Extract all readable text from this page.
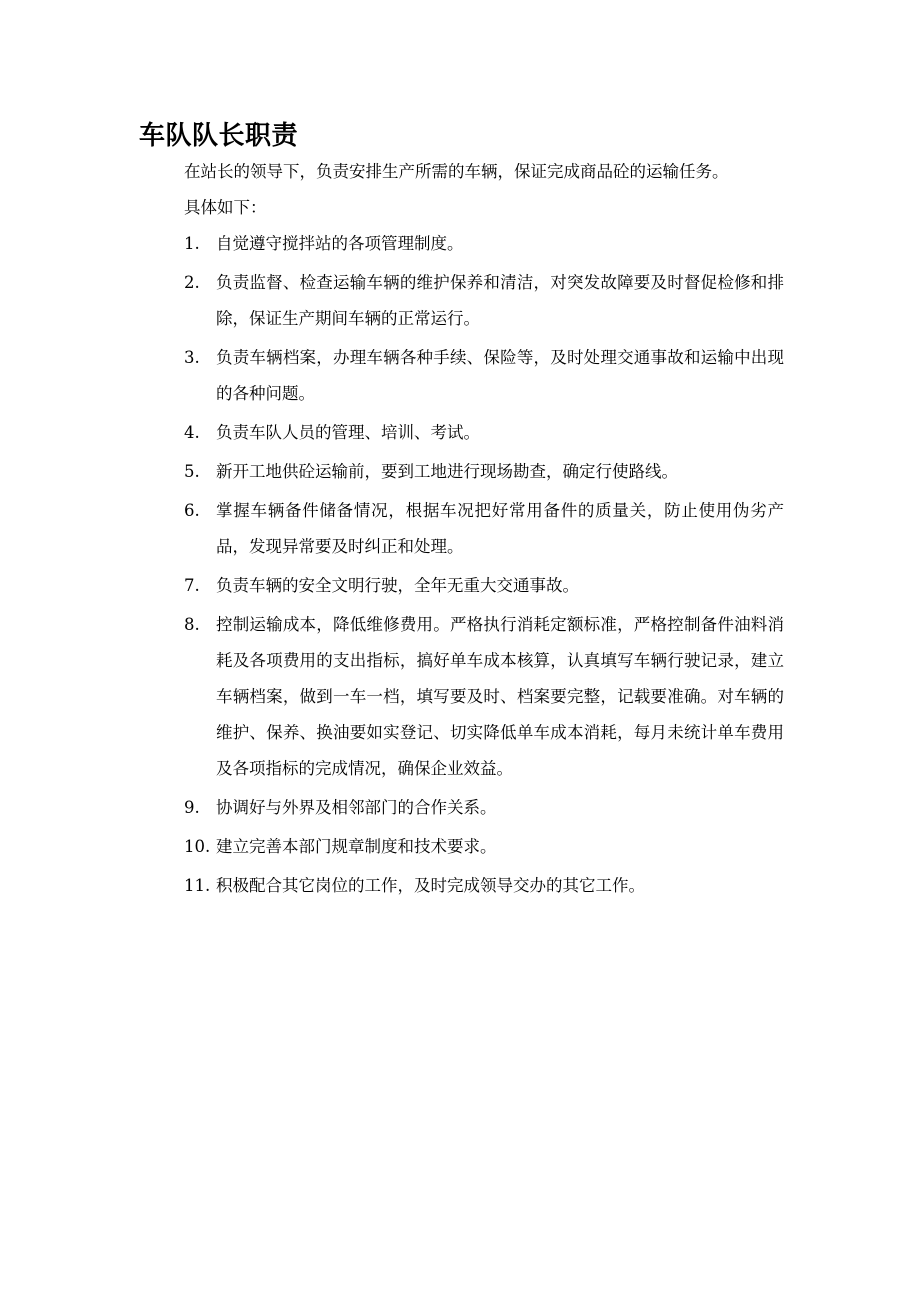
车队队长职责

在站长的领导下，负责安排生产所需的车辆，保证完成商品砼的运输任务。

具体如下：

1. 自觉遵守搅拌站的各项管理制度。
2. 负责监督、检查运输车辆的维护保养和清洁，对突发故障要及时督促检修和排除，保证生产期间车辆的正常运行。
3. 负责车辆档案，办理车辆各种手续、保险等，及时处理交通事故和运输中出现的各种问题。
4. 负责车队人员的管理、培训、考试。
5. 新开工地供砼运输前，要到工地进行现场勘查，确定行使路线。
6. 掌握车辆备件储备情况，根据车况把好常用备件的质量关，防止使用伪劣产品，发现异常要及时纠正和处理。
7. 负责车辆的安全文明行驶，全年无重大交通事故。
8. 控制运输成本，降低维修费用。严格执行消耗定额标准，严格控制备件油料消耗及各项费用的支出指标，搞好单车成本核算，认真填写车辆行驶记录，建立车辆档案，做到一车一档，填写要及时、档案要完整，记载要准确。对车辆的维护、保养、换油要如实登记、切实降低单车成本消耗，每月未统计单车费用及各项指标的完成情况，确保企业效益。
9. 协调好与外界及相邻部门的合作关系。
10. 建立完善本部门规章制度和技术要求。
11. 积极配合其它岗位的工作，及时完成领导交办的其它工作。
